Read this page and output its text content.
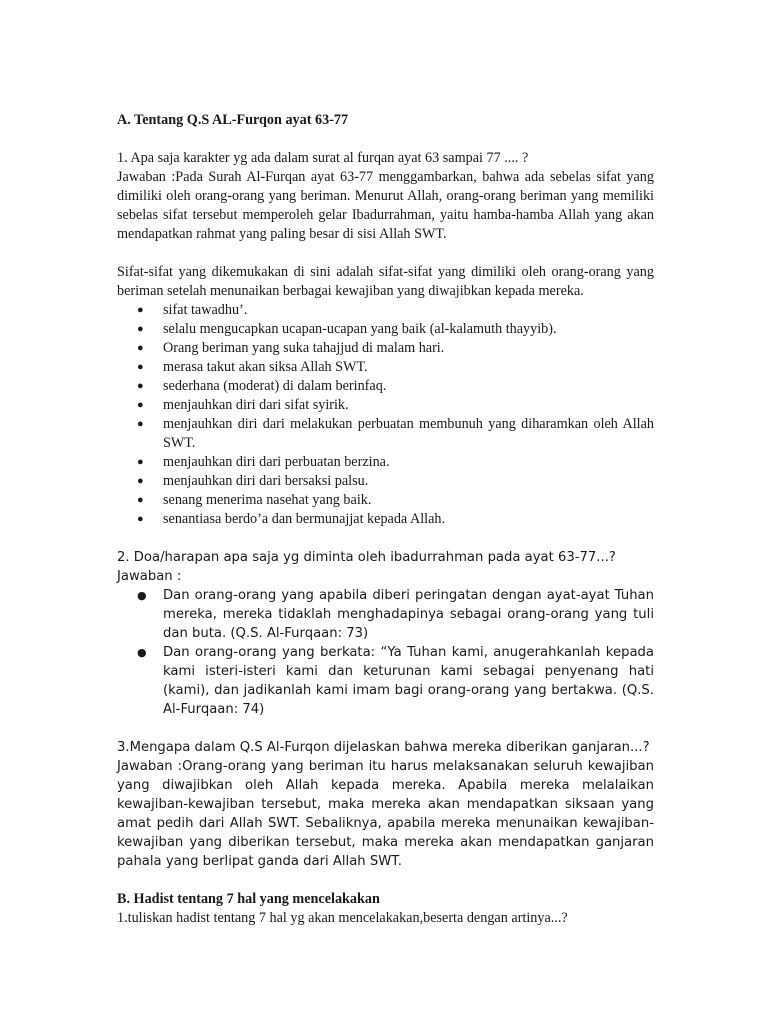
A. Tentang Q.S AL-Furqon ayat 63-77

1. Apa saja karakter yg ada dalam surat al furqan ayat 63 sampai 77 .... ?

Jawaban :Pada Surah Al-Furqan ayat 63-77 menggambarkan, bahwa ada sebelas sifat yang dimiliki oleh orang-orang yang beriman. Menurut Allah, orang-orang beriman yang memiliki sebelas sifat tersebut memperoleh gelar Ibadurrahman, yaitu hamba-hamba Allah yang akan mendapatkan rahmat yang paling besar di sisi Allah SWT.

Sifat-sifat yang dikemukakan di sini adalah sifat-sifat yang dimiliki oleh orang-orang yang beriman setelah menunaikan berbagai kewajiban yang diwajibkan kepada mereka.

● sifat tawadhu’.
● selalu mengucapkan ucapan-ucapan yang baik (al-kalamuth thayyib).
● Orang beriman yang suka tahajjud di malam hari.
● merasa takut akan siksa Allah SWT.
● sederhana (moderat) di dalam berinfaq.
● menjauhkan diri dari sifat syirik.
● menjauhkan diri dari melakukan perbuatan membunuh yang diharamkan oleh Allah SWT.
● menjauhkan diri dari perbuatan berzina.
● menjauhkan diri dari bersaksi palsu.
● senang menerima nasehat yang baik.
● senantiasa berdo’a dan bermunajjat kepada Allah.

2. Doa/harapan apa saja yg diminta oleh ibadurrahman pada ayat 63-77...?

Jawaban :

● Dan orang-orang yang apabila diberi peringatan dengan ayat-ayat Tuhan mereka, mereka tidaklah menghadapinya sebagai orang-orang yang tuli dan buta. (Q.S. Al-Furqaan: 73)
● Dan orang-orang yang berkata: “Ya Tuhan kami, anugerahkanlah kepada kami isteri-isteri kami dan keturunan kami sebagai penyenang hati (kami), dan jadikanlah kami imam bagi orang-orang yang bertakwa. (Q.S. Al-Furqaan: 74)

3.Mengapa dalam Q.S Al-Furqon dijelaskan bahwa mereka diberikan ganjaran...?

Jawaban :Orang-orang yang beriman itu harus melaksanakan seluruh kewajiban yang diwajibkan oleh Allah kepada mereka. Apabila mereka melalaikan kewajiban-kewajiban tersebut, maka mereka akan mendapatkan siksaan yang amat pedih dari Allah SWT. Sebaliknya, apabila mereka menunaikan kewajiban-kewajiban yang diberikan tersebut, maka mereka akan mendapatkan ganjaran pahala yang berlipat ganda dari Allah SWT.

B. Hadist tentang 7 hal yang mencelakakan

1.tuliskan hadist tentang 7 hal yg akan mencelakakan,beserta dengan artinya...?
